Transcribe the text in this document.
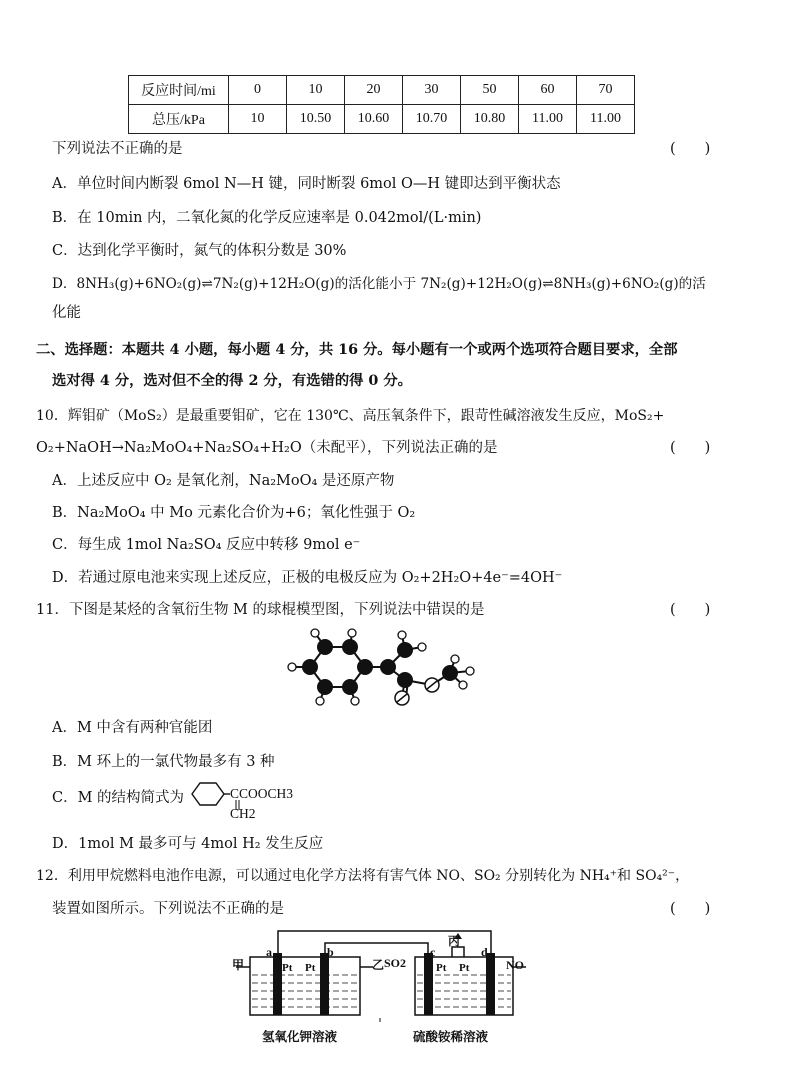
反应时间/mi	0	10	20	30	50	60	70
总压/kPa	10	10.50	10.60	10.70	10.80	11.00	11.00
下列说法不正确的是	(　　)
A．单位时间内断裂 6mol N—H 键，同时断裂 6mol O—H 键即达到平衡状态
B．在 10min 内，二氧化氮的化学反应速率是 0.042mol/(L·min)
C．达到化学平衡时，氮气的体积分数是 30%
D．8NH₃(g)+6NO₂(g)⇌7N₂(g)+12H₂O(g)的活化能小于 7N₂(g)+12H₂O(g)⇌8NH₃(g)+6NO₂(g)的活
化能
二、选择题：本题共 4 小题，每小题 4 分，共 16 分。每小题有一个或两个选项符合题目要求，全部
选对得 4 分，选对但不全的得 2 分，有选错的得 0 分。
10．辉钼矿（MoS₂）是最重要钼矿，它在 130℃、高压氧条件下，跟苛性碱溶液发生反应，MoS₂+
O₂+NaOH→Na₂MoO₄+Na₂SO₄+H₂O（未配平），下列说法正确的是	(　　)
A．上述反应中 O₂ 是氧化剂，Na₂MoO₄ 是还原产物
B．Na₂MoO₄ 中 Mo 元素化合价为+6；氧化性强于 O₂
C．每生成 1mol Na₂SO₄ 反应中转移 9mol e⁻
D．若通过原电池来实现上述反应，正极的电极反应为 O₂+2H₂O+4e⁻=4OH⁻
11．下图是某烃的含氧衍生物 M 的球棍模型图，下列说法中错误的是	(　　)
A．M 中含有两种官能团
B．M 环上的一氯代物最多有 3 种
C．M 的结构简式为	CCOOCH3
CH2
D．1mol M 最多可与 4mol H₂ 发生反应
12．利用甲烷燃料电池作电源，可以通过电化学方法将有害气体 NO、SO₂ 分别转化为 NH₄⁺和 SO₄²⁻，
装置如图所示。下列说法不正确的是	(　　)
甲
a
Pt Pt
b
乙 SO2
c
丙
Pt Pt
d
NO
氢氧化钾溶液	硫酸铵稀溶液
